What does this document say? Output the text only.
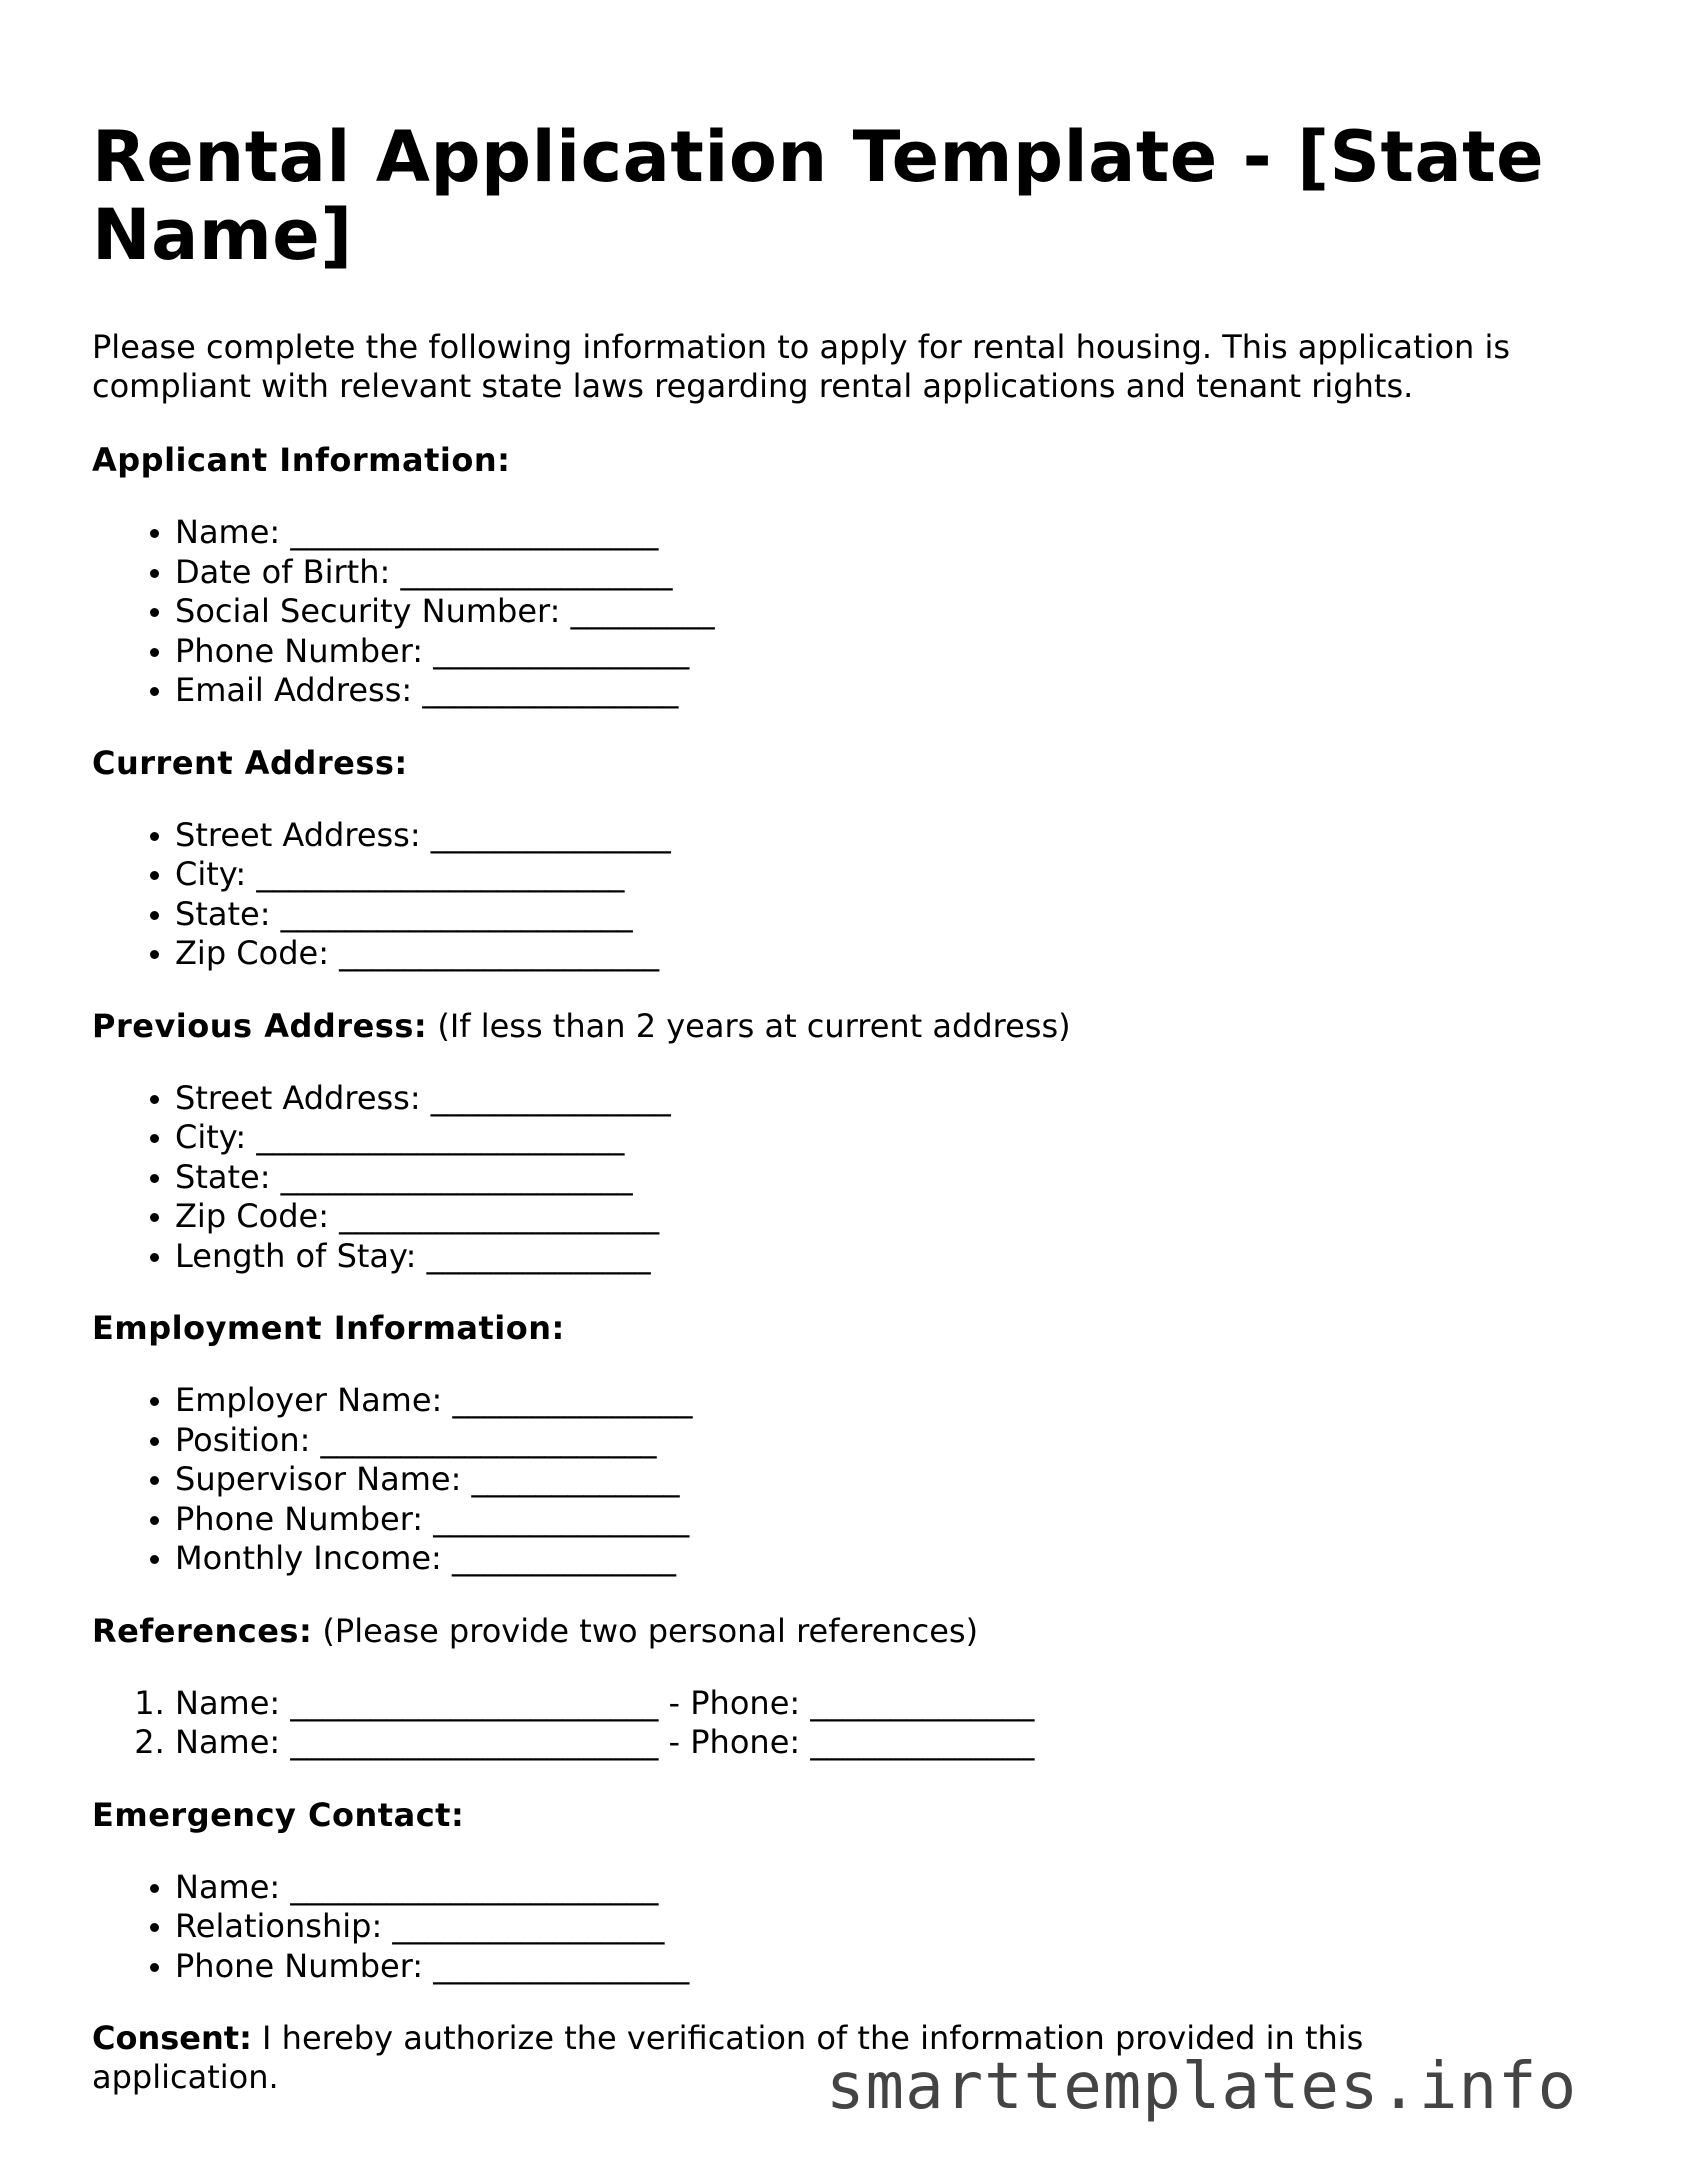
Rental Application Template - [State Name]

Please complete the following information to apply for rental housing. This application is compliant with relevant state laws regarding rental applications and tenant rights.

Applicant Information:
• Name: _______________________
• Date of Birth: _________________
• Social Security Number: _________
• Phone Number: ________________
• Email Address: ________________
Current Address:
• Street Address: _______________
• City: _______________________
• State: ______________________
• Zip Code: ____________________
Previous Address: (If less than 2 years at current address)
• Street Address: _______________
• City: _______________________
• State: ______________________
• Zip Code: ____________________
• Length of Stay: ______________
Employment Information:
• Employer Name: _______________
• Position: _____________________
• Supervisor Name: _____________
• Phone Number: ________________
• Monthly Income: ______________
References: (Please provide two personal references)
1. Name: _______________________ - Phone: ______________
2. Name: _______________________ - Phone: ______________
Emergency Contact:
• Name: _______________________
• Relationship: _________________
• Phone Number: ________________

Consent: I hereby authorize the verification of the information provided in this application.	smarttemplates.info
